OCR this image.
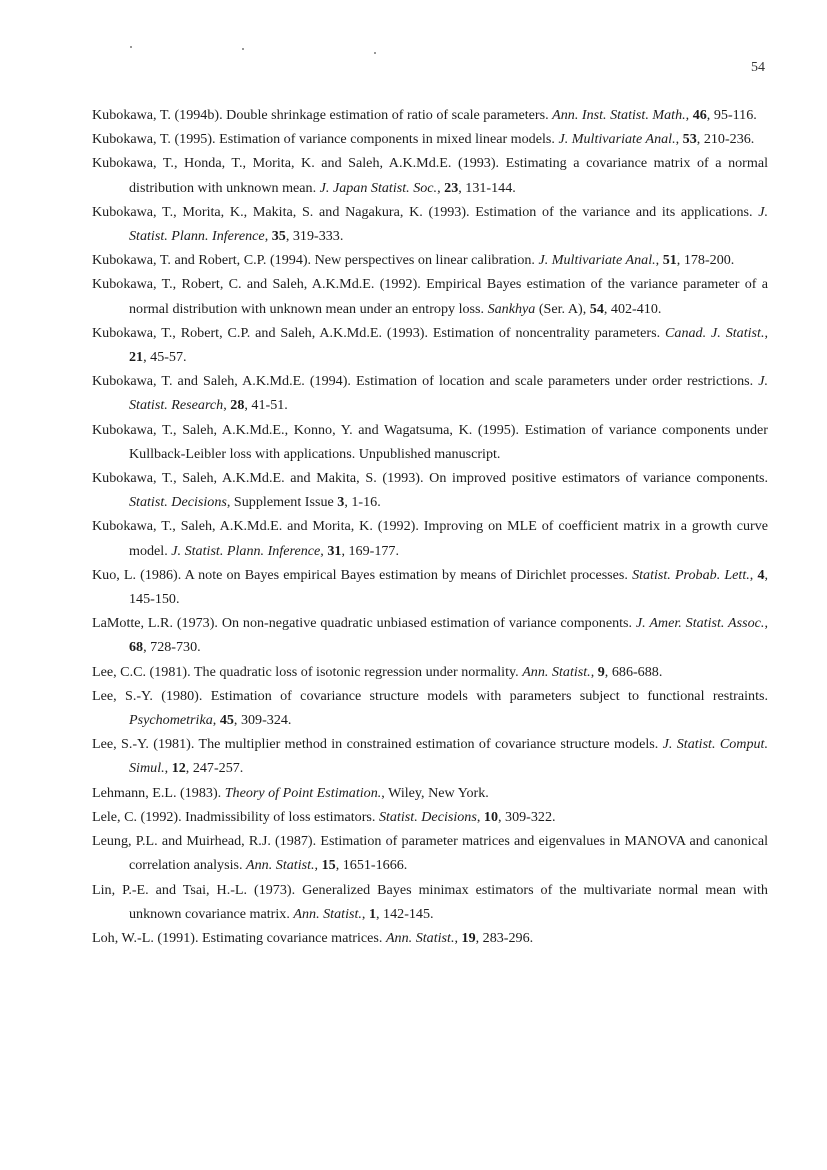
54
Kubokawa, T. (1994b). Double shrinkage estimation of ratio of scale parameters. Ann. Inst. Statist. Math., 46, 95-116.
Kubokawa, T. (1995). Estimation of variance components in mixed linear models. J. Multivariate Anal., 53, 210-236.
Kubokawa, T., Honda, T., Morita, K. and Saleh, A.K.Md.E. (1993). Estimating a covariance matrix of a normal distribution with unknown mean. J. Japan Statist. Soc., 23, 131-144.
Kubokawa, T., Morita, K., Makita, S. and Nagakura, K. (1993). Estimation of the variance and its applications. J. Statist. Plann. Inference, 35, 319-333.
Kubokawa, T. and Robert, C.P. (1994). New perspectives on linear calibration. J. Multivariate Anal., 51, 178-200.
Kubokawa, T., Robert, C. and Saleh, A.K.Md.E. (1992). Empirical Bayes estimation of the variance parameter of a normal distribution with unknown mean under an entropy loss. Sankhya (Ser. A), 54, 402-410.
Kubokawa, T., Robert, C.P. and Saleh, A.K.Md.E. (1993). Estimation of noncentrality parameters. Canad. J. Statist., 21, 45-57.
Kubokawa, T. and Saleh, A.K.Md.E. (1994). Estimation of location and scale parameters under order restrictions. J. Statist. Research, 28, 41-51.
Kubokawa, T., Saleh, A.K.Md.E., Konno, Y. and Wagatsuma, K. (1995). Estimation of variance components under Kullback-Leibler loss with applications. Unpublished manuscript.
Kubokawa, T., Saleh, A.K.Md.E. and Makita, S. (1993). On improved positive estimators of variance components. Statist. Decisions, Supplement Issue 3, 1-16.
Kubokawa, T., Saleh, A.K.Md.E. and Morita, K. (1992). Improving on MLE of coefficient matrix in a growth curve model. J. Statist. Plann. Inference, 31, 169-177.
Kuo, L. (1986). A note on Bayes empirical Bayes estimation by means of Dirichlet processes. Statist. Probab. Lett., 4, 145-150.
LaMotte, L.R. (1973). On non-negative quadratic unbiased estimation of variance components. J. Amer. Statist. Assoc., 68, 728-730.
Lee, C.C. (1981). The quadratic loss of isotonic regression under normality. Ann. Statist., 9, 686-688.
Lee, S.-Y. (1980). Estimation of covariance structure models with parameters subject to functional restraints. Psychometrika, 45, 309-324.
Lee, S.-Y. (1981). The multiplier method in constrained estimation of covariance structure models. J. Statist. Comput. Simul., 12, 247-257.
Lehmann, E.L. (1983). Theory of Point Estimation., Wiley, New York.
Lele, C. (1992). Inadmissibility of loss estimators. Statist. Decisions, 10, 309-322.
Leung, P.L. and Muirhead, R.J. (1987). Estimation of parameter matrices and eigenvalues in MANOVA and canonical correlation analysis. Ann. Statist., 15, 1651-1666.
Lin, P.-E. and Tsai, H.-L. (1973). Generalized Bayes minimax estimators of the multivariate normal mean with unknown covariance matrix. Ann. Statist., 1, 142-145.
Loh, W.-L. (1991). Estimating covariance matrices. Ann. Statist., 19, 283-296.
